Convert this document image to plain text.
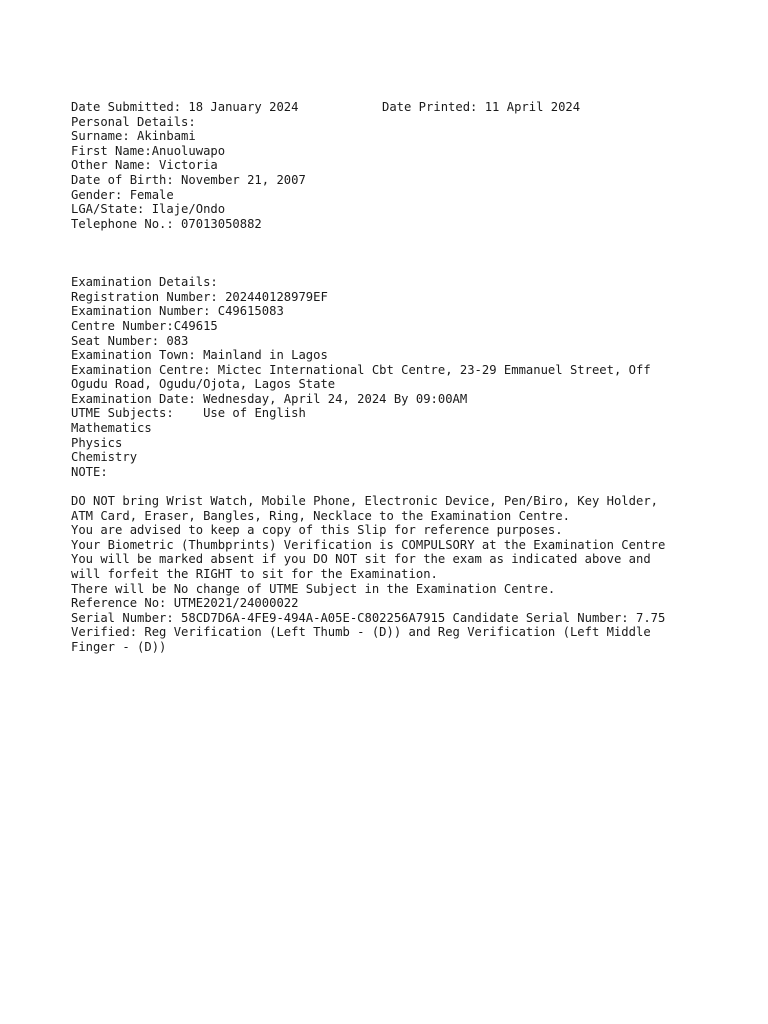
Date Submitted: 18 January 2024	Date Printed: 11 April 2024
Personal Details:
Surname: Akinbami
First Name:Anuoluwapo
Other Name: Victoria
Date of Birth: November 21, 2007
Gender: Female
LGA/State: Ilaje/Ondo
Telephone No.: 07013050882
Examination Details:
Registration Number: 202440128979EF
Examination Number: C49615083
Centre Number:C49615
Seat Number: 083
Examination Town: Mainland in Lagos
Examination Centre: Mictec International Cbt Centre, 23-29 Emmanuel Street, Off
Ogudu Road, Ogudu/Ojota, Lagos State
Examination Date: Wednesday, April 24, 2024 By 09:00AM
UTME Subjects: Use of English
Mathematics
Physics
Chemistry
NOTE:
DO NOT bring Wrist Watch, Mobile Phone, Electronic Device, Pen/Biro, Key Holder,
ATM Card, Eraser, Bangles, Ring, Necklace to the Examination Centre.
You are advised to keep a copy of this Slip for reference purposes.
Your Biometric (Thumbprints) Verification is COMPULSORY at the Examination Centre
You will be marked absent if you DO NOT sit for the exam as indicated above and
will forfeit the RIGHT to sit for the Examination.
There will be No change of UTME Subject in the Examination Centre.
Reference No: UTME2021/24000022
Serial Number: 58CD7D6A-4FE9-494A-A05E-C802256A7915 Candidate Serial Number: 7.75
Verified: Reg Verification (Left Thumb - (D)) and Reg Verification (Left Middle
Finger - (D))
